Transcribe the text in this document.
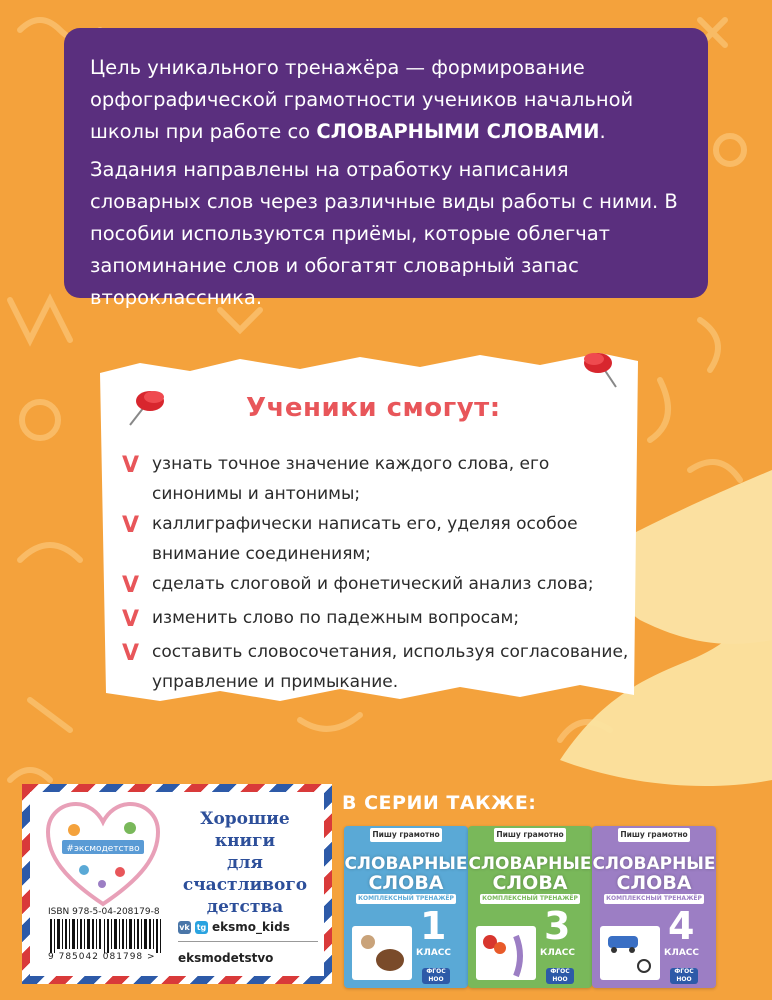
Цель уникального тренажёра — формирование орфографической грамотности учеников начальной школы при работе со СЛОВАРНЫМИ СЛОВАМИ.

Задания направлены на отработку написания словарных слов через различные виды работы с ними. В пособии используются приёмы, которые облегчат запоминание слов и обогатят словарный запас второклассника.

Ученики смогут:
V узнать точное значение каждого слова, его синонимы и антонимы;
V каллиграфически написать его, уделяя особое внимание соединениям;
V сделать слоговой и фонетический анализ слова;
V изменить слово по падежным вопросам;
V составить словосочетания, используя согласование, управление и примыкание.
#эксмодетство
Хорошие
книги
для счастливого
детства
ISBN 978-5-04-208179-8
9 785042 081798 >
vk tg eksmo_kids
eksmodetstvo
В СЕРИИ ТАКЖЕ:
Пишу грамотно
СЛОВАРНЫЕ
СЛОВА
КОМПЛЕКСНЫЙ ТРЕНАЖЁР
1
КЛАСС
ФГОС НОО
Пишу грамотно
СЛОВАРНЫЕ
СЛОВА
КОМПЛЕКСНЫЙ ТРЕНАЖЁР
3
КЛАСС
ФГОС НОО
Пишу грамотно
СЛОВАРНЫЕ
СЛОВА
КОМПЛЕКСНЫЙ ТРЕНАЖЁР
4
КЛАСС
ФГОС НОО
